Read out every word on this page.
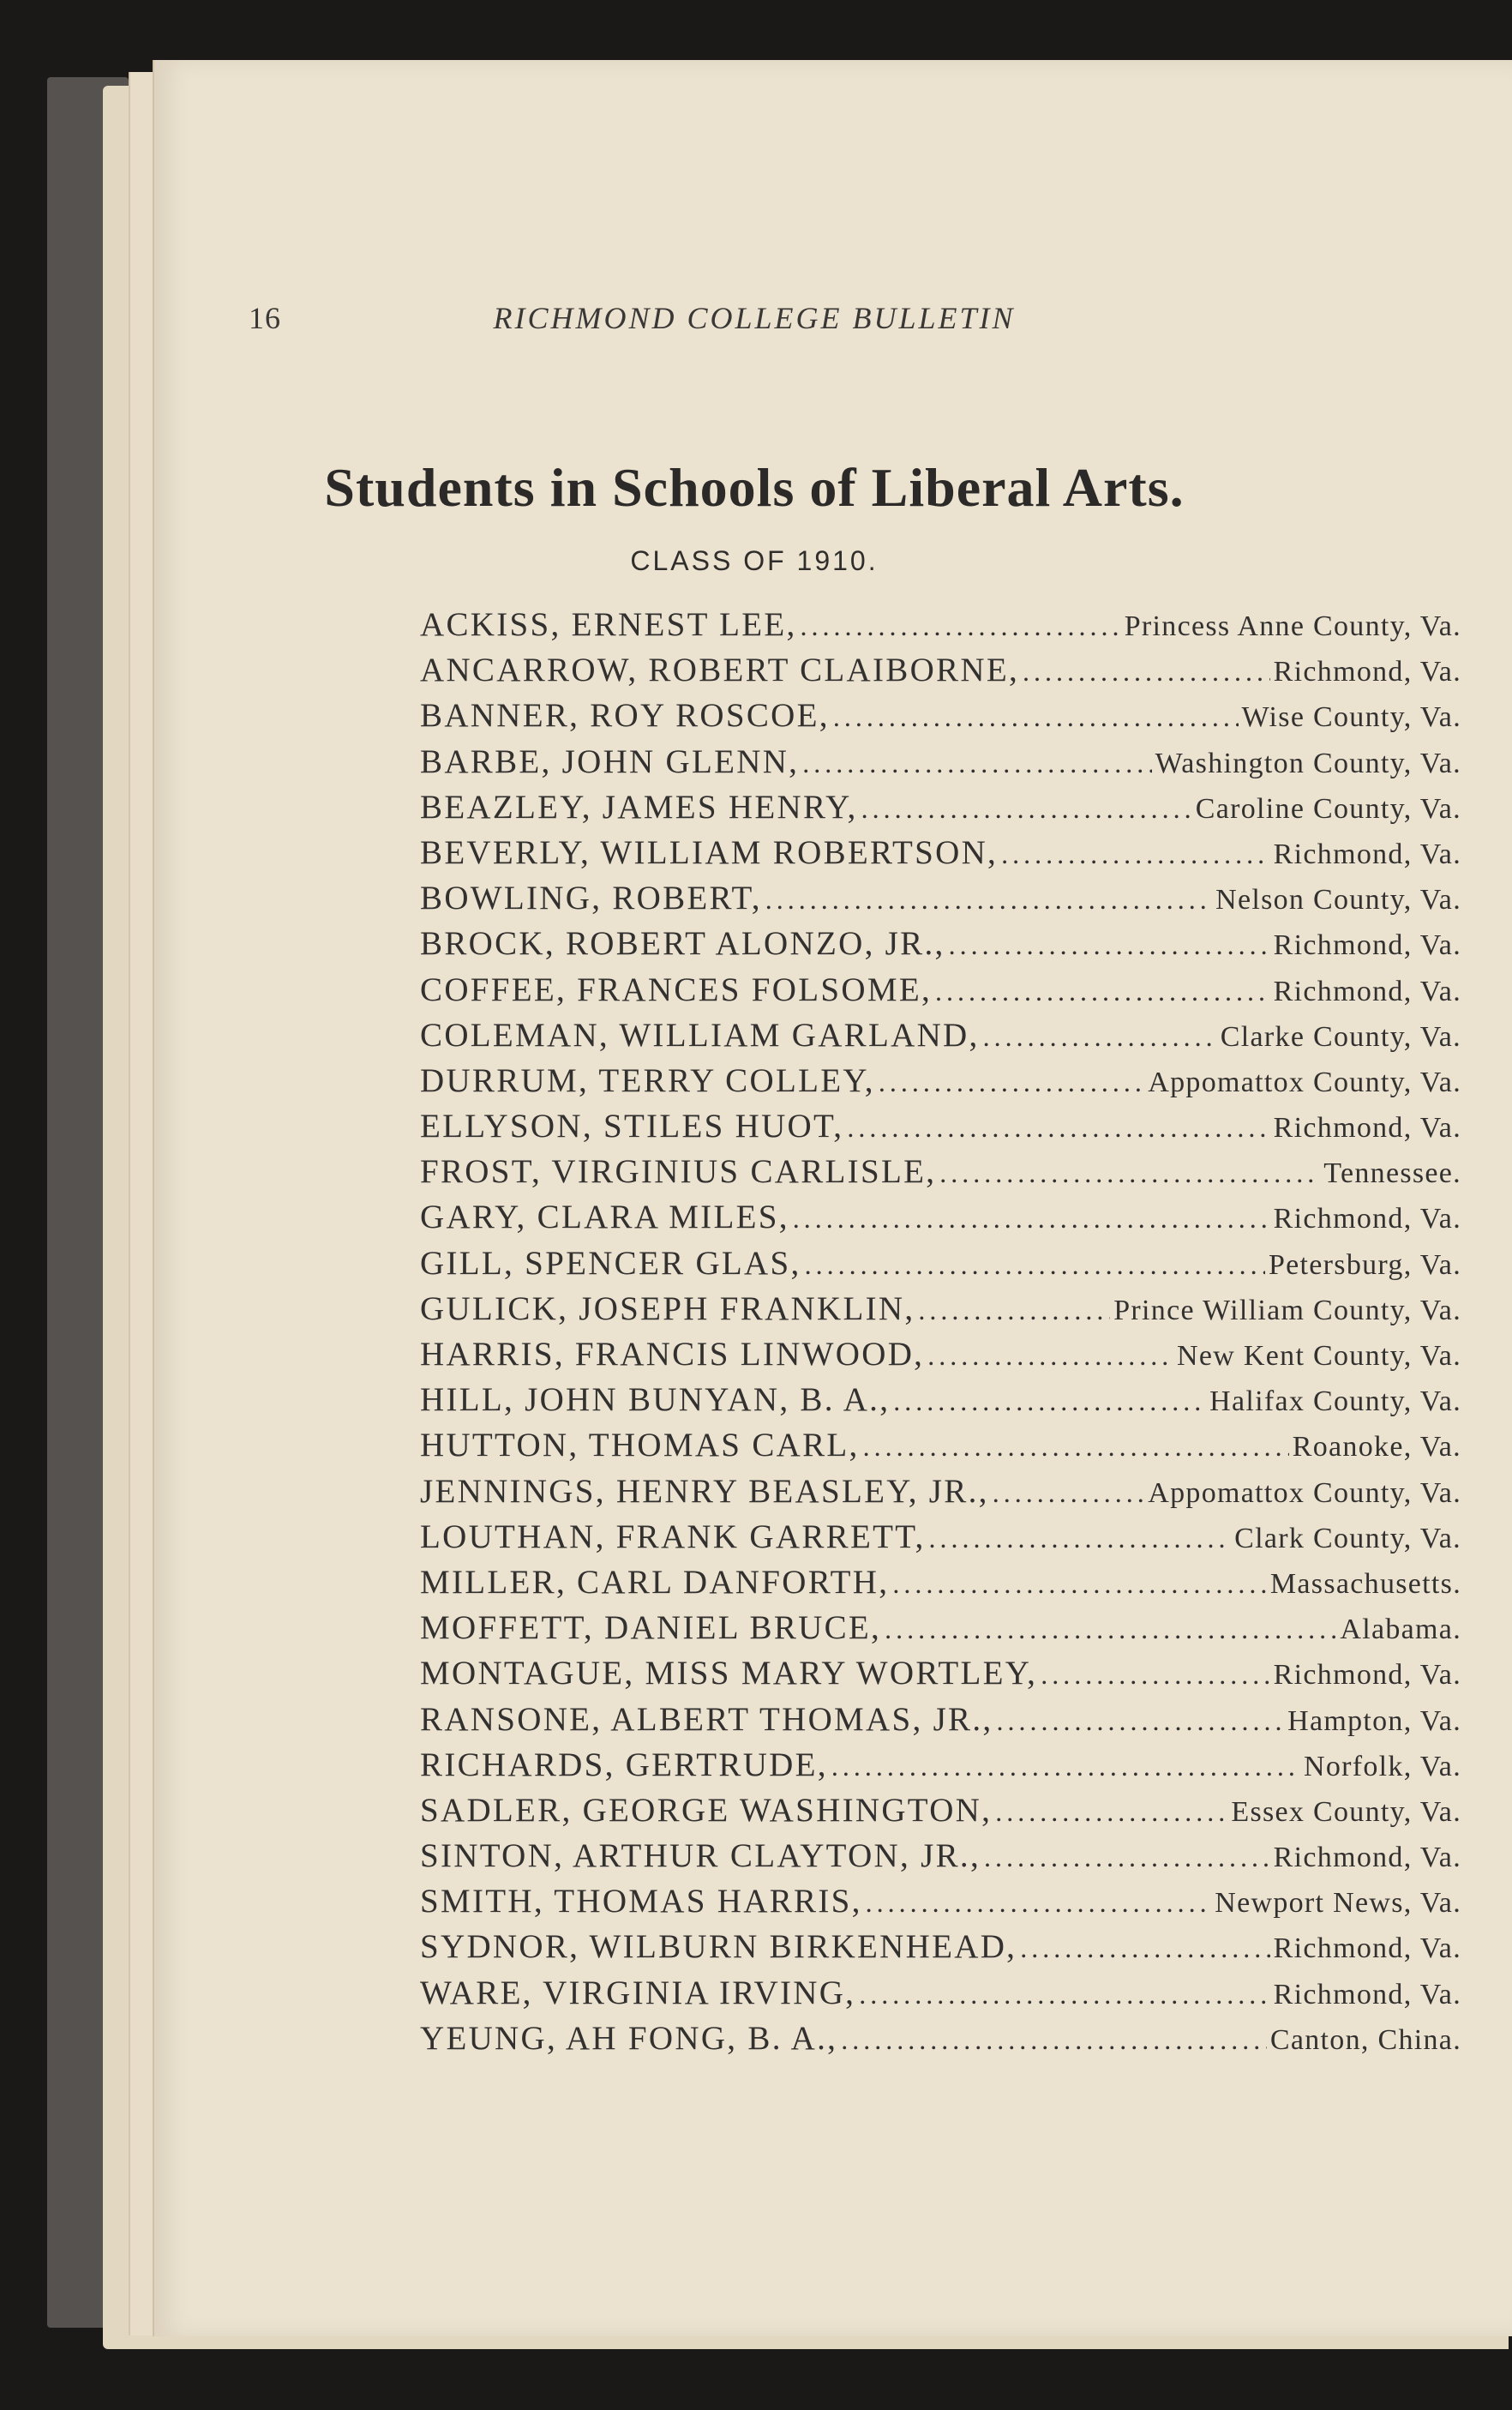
16	RICHMOND COLLEGE BULLETIN
Students in Schools of Liberal Arts.
CLASS OF 1910.
ACKISS, ERNEST LEE, .....	Princess Anne County, Va.
ANCARROW, ROBERT CLAIBORNE, .....	Richmond, Va.
BANNER, ROY ROSCOE, .....	Wise County, Va.
BARBE, JOHN GLENN, .....	Washington County, Va.
BEAZLEY, JAMES HENRY, .....	Caroline County, Va.
BEVERLY, WILLIAM ROBERTSON, .....	Richmond, Va.
BOWLING, ROBERT, .....	Nelson County, Va.
BROCK, ROBERT ALONZO, JR., .....	Richmond, Va.
COFFEE, FRANCES FOLSOME, .....	Richmond, Va.
COLEMAN, WILLIAM GARLAND, .....	Clarke County, Va.
DURRUM, TERRY COLLEY, .....	Appomattox County, Va.
ELLYSON, STILES HUOT, .....	Richmond, Va.
FROST, VIRGINIUS CARLISLE, .....	Tennessee.
GARY, CLARA MILES, .....	Richmond, Va.
GILL, SPENCER GLAS, .....	Petersburg, Va.
GULICK, JOSEPH FRANKLIN, .....	Prince William County, Va.
HARRIS, FRANCIS LINWOOD, .....	New Kent County, Va.
HILL, JOHN BUNYAN, B. A., .....	Halifax County, Va.
HUTTON, THOMAS CARL, .....	Roanoke, Va.
JENNINGS, HENRY BEASLEY, JR., .....	Appomattox County, Va.
LOUTHAN, FRANK GARRETT, .....	Clark County, Va.
MILLER, CARL DANFORTH, .....	Massachusetts.
MOFFETT, DANIEL BRUCE, .....	Alabama.
MONTAGUE, MISS MARY WORTLEY, .....	Richmond, Va.
RANSONE, ALBERT THOMAS, JR., .....	Hampton, Va.
RICHARDS, GERTRUDE, .....	Norfolk, Va.
SADLER, GEORGE WASHINGTON, .....	Essex County, Va.
SINTON, ARTHUR CLAYTON, JR., .....	Richmond, Va.
SMITH, THOMAS HARRIS, .....	Newport News, Va.
SYDNOR, WILBURN BIRKENHEAD, .....	Richmond, Va.
WARE, VIRGINIA IRVING, .....	Richmond, Va.
YEUNG, AH FONG, B. A., .....	Canton, China.
